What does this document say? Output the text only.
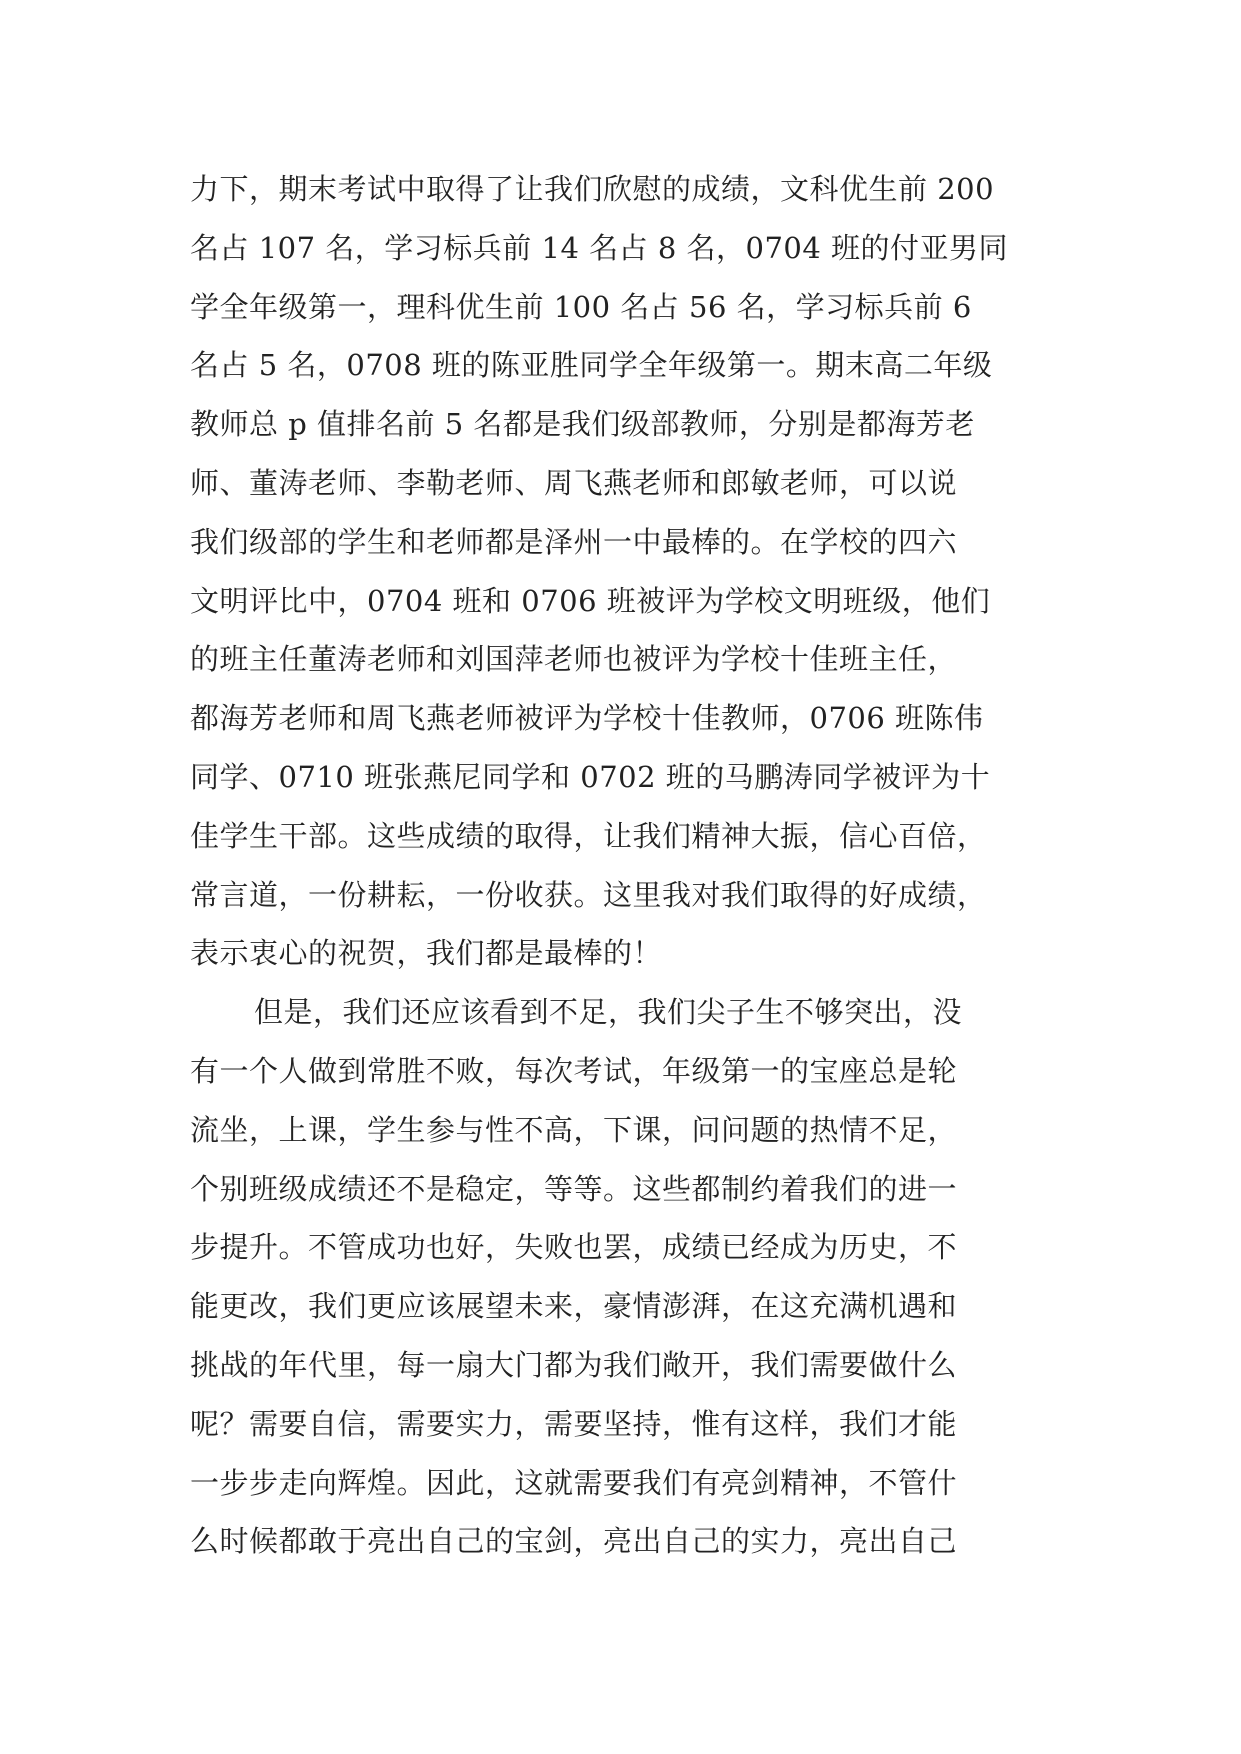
力下，期末考试中取得了让我们欣慰的成绩，文科优生前 200
名占 107 名，学习标兵前 14 名占 8 名，0704 班的付亚男同
学全年级第一，理科优生前 100 名占 56 名，学习标兵前 6
名占 5 名，0708 班的陈亚胜同学全年级第一。期末高二年级
教师总 p 值排名前 5 名都是我们级部教师，分别是都海芳老
师、董涛老师、李勒老师、周飞燕老师和郎敏老师，可以说
我们级部的学生和老师都是泽州一中最棒的。在学校的四六
文明评比中，0704 班和 0706 班被评为学校文明班级，他们
的班主任董涛老师和刘国萍老师也被评为学校十佳班主任，
都海芳老师和周飞燕老师被评为学校十佳教师，0706 班陈伟
同学、0710 班张燕尼同学和 0702 班的马鹏涛同学被评为十
佳学生干部。这些成绩的取得，让我们精神大振，信心百倍，
常言道，一份耕耘，一份收获。这里我对我们取得的好成绩，
表示衷心的祝贺，我们都是最棒的！
但是，我们还应该看到不足，我们尖子生不够突出，没
有一个人做到常胜不败，每次考试，年级第一的宝座总是轮
流坐，上课，学生参与性不高，下课，问问题的热情不足，
个别班级成绩还不是稳定，等等。这些都制约着我们的进一
步提升。不管成功也好，失败也罢，成绩已经成为历史，不
能更改，我们更应该展望未来，豪情澎湃，在这充满机遇和
挑战的年代里，每一扇大门都为我们敞开，我们需要做什么
呢？需要自信，需要实力，需要坚持，惟有这样，我们才能
一步步走向辉煌。因此，这就需要我们有亮剑精神，不管什
么时候都敢于亮出自己的宝剑，亮出自己的实力，亮出自己
